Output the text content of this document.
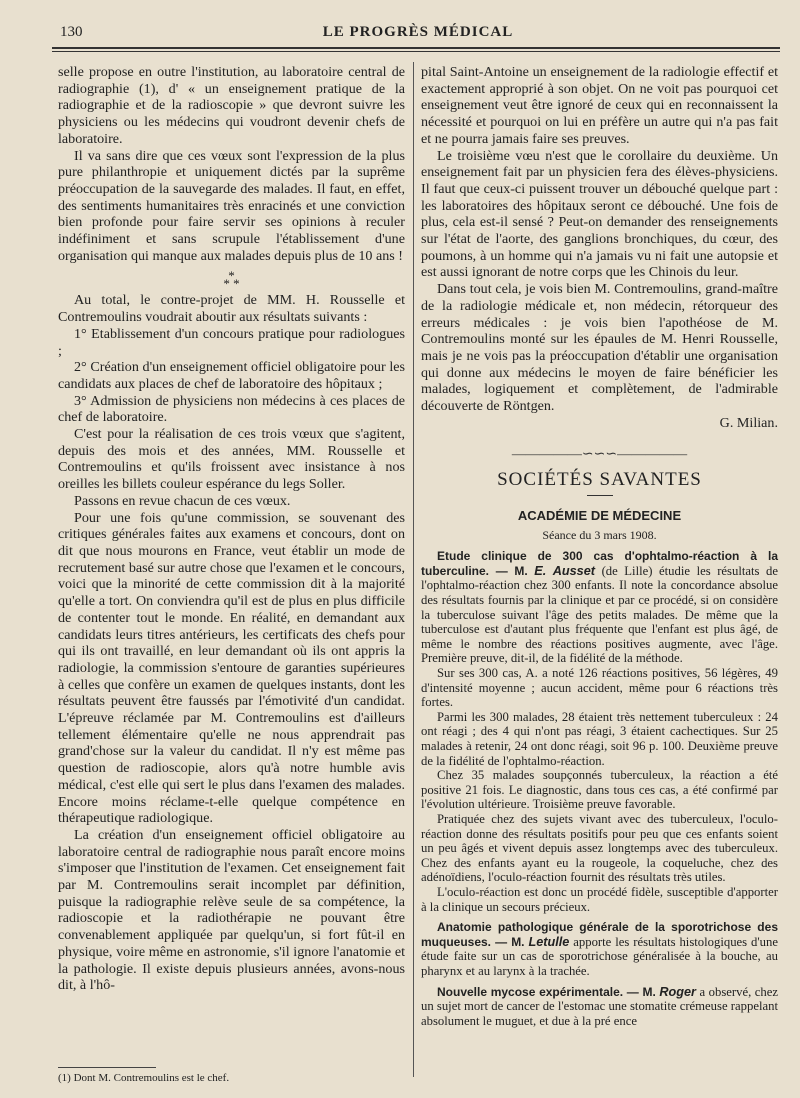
130	LE PROGRÈS MÉDICAL

selle propose en outre l'institution, au laboratoire central de radiographie (1), d' « un enseignement pratique de la radiographie et de la radioscopie » que devront suivre les physiciens ou les médecins qui voudront devenir chefs de laboratoire.

Il va sans dire que ces vœux sont l'expression de la plus pure philanthropie et uniquement dictés par la suprême préoccupation de la sauvegarde des malades. Il faut, en effet, des sentiments humanitaires très enracinés et une conviction bien profonde pour faire servir ses opinions à reculer indéfiniment et sans scrupule l'établissement d'une organisation qui manque aux malades depuis plus de 10 ans !

*
* *

Au total, le contre-projet de MM. H. Rousselle et Contremoulins voudrait aboutir aux résultats suivants :

1° Etablissement d'un concours pratique pour radiologues ;

2° Création d'un enseignement officiel obligatoire pour les candidats aux places de chef de laboratoire des hôpitaux ;

3° Admission de physiciens non médecins à ces places de chef de laboratoire.

C'est pour la réalisation de ces trois vœux que s'agitent, depuis des mois et des années, MM. Rousselle et Contremoulins et qu'ils froissent avec insistance à nos oreilles les billets couleur espérance du legs Soller.

Passons en revue chacun de ces vœux.

Pour une fois qu'une commission, se souvenant des critiques générales faites aux examens et concours, dont on dit que nous mourons en France, veut établir un mode de recrutement basé sur autre chose que l'examen et le concours, voici que la minorité de cette commission dit à la majorité qu'elle a tort. On conviendra qu'il est de plus en plus difficile de contenter tout le monde. En réalité, en demandant aux candidats leurs titres antérieurs, les certificats des chefs pour qui ils ont travaillé, en leur demandant où ils ont appris la radiologie, la commission s'entoure de garanties supérieures à celles que confère un examen de quelques instants, dont les résultats peuvent être faussés par l'émotivité d'un candidat. L'épreuve réclamée par M. Contremoulins est d'ailleurs tellement élémentaire qu'elle ne nous apprendrait pas grand'chose sur la valeur du candidat. Il n'y est même pas question de radioscopie, alors qu'à notre humble avis médical, c'est elle qui sert le plus dans l'examen des malades. Encore moins réclame-t-elle quelque compétence en thérapeutique radiologique.

La création d'un enseignement officiel obligatoire au laboratoire central de radiographie nous paraît encore moins s'imposer que l'institution de l'examen. Cet enseignement fait par M. Contremoulins serait incomplet par définition, puisque la radiographie relève seule de sa compétence, la radioscopie et la radiothérapie ne pouvant être convenablement appliquée par quelqu'un, si fort fût-il en physique, voire même en astronomie, s'il ignore l'anatomie et la pathologie. Il existe depuis plusieurs années, avons-nous dit, à l'hô-

(1) Dont M. Contremoulins est le chef.

pital Saint-Antoine un enseignement de la radiologie effectif et exactement approprié à son objet. On ne voit pas pourquoi cet enseignement veut être ignoré de ceux qui en reconnaissent la nécessité et pourquoi on lui en préfère un autre qui n'a pas fait et ne pourra jamais faire ses preuves.

Le troisième vœu n'est que le corollaire du deuxième. Un enseignement fait par un physicien fera des élèves-physiciens. Il faut que ceux-ci puissent trouver un débouché quelque part : les laboratoires des hôpitaux seront ce débouché. Une fois de plus, cela est-il sensé ? Peut-on demander des renseignements sur l'état de l'aorte, des ganglions bronchiques, du cœur, des poumons, à un homme qui n'a jamais vu ni fait une autopsie et est aussi ignorant de notre corps que les Chinois du leur.

Dans tout cela, je vois bien M. Contremoulins, grand-maître de la radiologie médicale et, non médecin, rétorqueur des erreurs médicales : je vois bien l'apothéose de M. Contremoulins monté sur les épaules de M. Henri Rousselle, mais je ne vois pas la préoccupation d'établir une organisation qui donne aux médecins le moyen de faire bénéficier les malades, logiquement et complètement, de l'admirable découverte de Röntgen.

G. Milian.

—————∽∽∽—————
SOCIÉTÉS SAVANTES
ACADÉMIE DE MÉDECINE
Séance du 3 mars 1908.

Etude clinique de 300 cas d'ophtalmo-réaction à la tuberculine. — M. E. Ausset (de Lille) étudie les résultats de l'ophtalmo-réaction chez 300 enfants. Il note la concordance absolue des résultats fournis par la clinique et par ce procédé, si on considère la tuberculose suivant l'âge des petits malades. De même que la tuberculose est d'autant plus fréquente que l'enfant est plus âgé, de même le nombre des réactions positives augmente, avec l'âge. Première preuve, dit-il, de la fidélité de la méthode.

Sur ses 300 cas, A. a noté 126 réactions positives, 56 légères, 49 d'intensité moyenne ; aucun accident, même pour 6 réactions très fortes.

Parmi les 300 malades, 28 étaient très nettement tuberculeux : 24 ont réagi ; des 4 qui n'ont pas réagi, 3 étaient cachectiques. Sur 25 malades à retenir, 24 ont donc réagi, soit 96 p. 100. Deuxième preuve de la fidélité de l'ophtalmo-réaction.

Chez 35 malades soupçonnés tuberculeux, la réaction a été positive 21 fois. Le diagnostic, dans tous ces cas, a été confirmé par l'évolution ultérieure. Troisième preuve favorable.

Pratiquée chez des sujets vivant avec des tuberculeux, l'oculo-réaction donne des résultats positifs pour peu que ces enfants soient un peu âgés et vivent depuis assez longtemps avec des tuberculeux. Chez des enfants ayant eu la rougeole, la coqueluche, chez des adénoïdiens, l'oculo-réaction fournit des résultats très utiles.

L'oculo-réaction est donc un procédé fidèle, susceptible d'apporter à la clinique un secours précieux.

Anatomie pathologique générale de la sporotrichose des muqueuses. — M. Letulle apporte les résultats histologiques d'une étude faite sur un cas de sporotrichose généralisée à la bouche, au pharynx et au larynx à la trachée.

Nouvelle mycose expérimentale. — M. Roger a observé, chez un sujet mort de cancer de l'estomac une stomatite crémeuse rappelant absolument le muguet, et due à la pré ence
